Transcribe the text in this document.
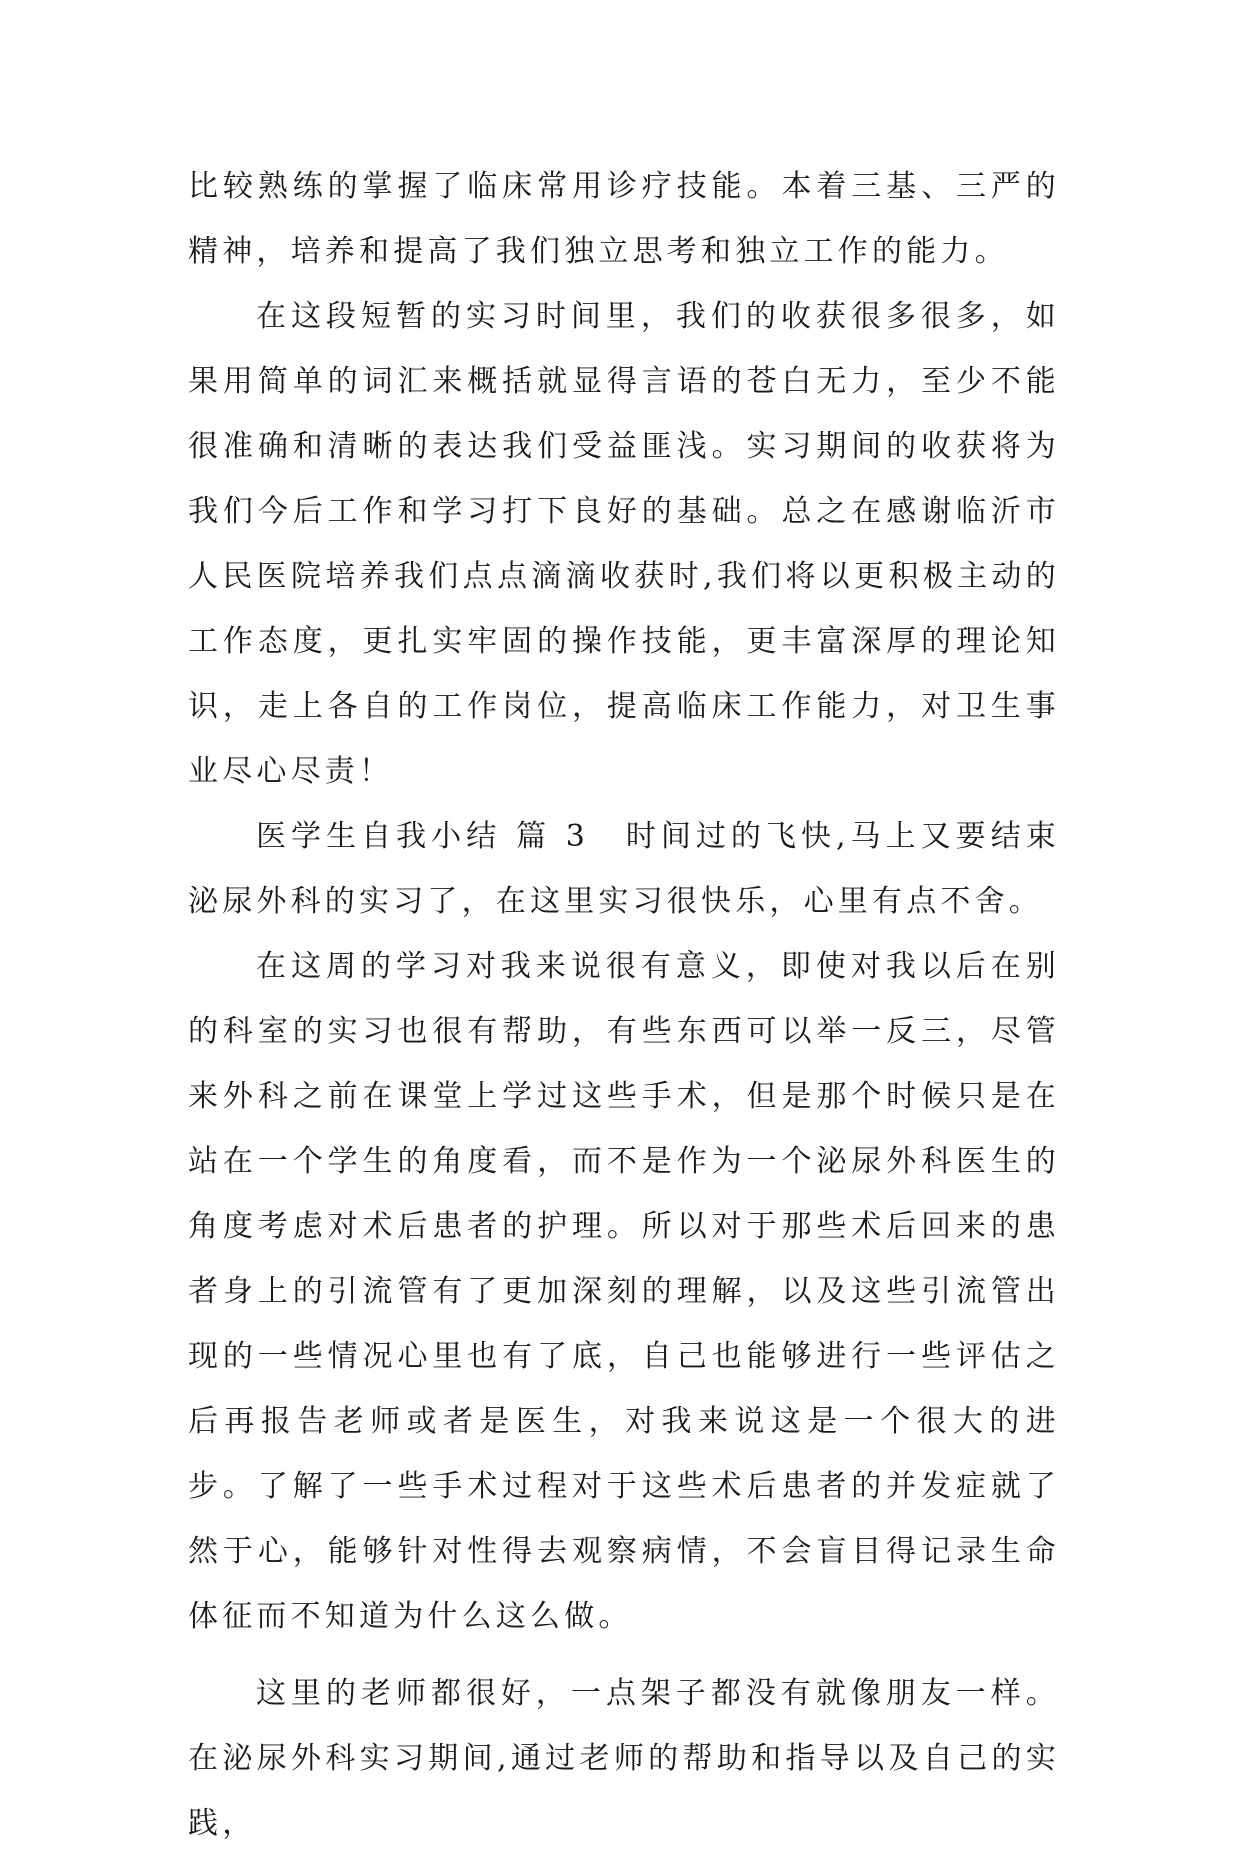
比较熟练的掌握了临床常用诊疗技能。本着三基、三严的精神，培养和提高了我们独立思考和独立工作的能力。

在这段短暂的实习时间里，我们的收获很多很多，如果用简单的词汇来概括就显得言语的苍白无力，至少不能很准确和清晰的表达我们受益匪浅。实习期间的收获将为我们今后工作和学习打下良好的基础。总之在感谢临沂市人民医院培养我们点点滴滴收获时,我们将以更积极主动的工作态度，更扎实牢固的操作技能，更丰富深厚的理论知识，走上各自的工作岗位，提高临床工作能力，对卫生事业尽心尽责！

医学生自我小结 篇 3 时间过的飞快,马上又要结束泌尿外科的实习了，在这里实习很快乐，心里有点不舍。

在这周的学习对我来说很有意义，即使对我以后在别的科室的实习也很有帮助，有些东西可以举一反三，尽管来外科之前在课堂上学过这些手术，但是那个时候只是在站在一个学生的角度看，而不是作为一个泌尿外科医生的角度考虑对术后患者的护理。所以对于那些术后回来的患者身上的引流管有了更加深刻的理解，以及这些引流管出现的一些情况心里也有了底，自己也能够进行一些评估之后再报告老师或者是医生，对我来说这是一个很大的进步。了解了一些手术过程对于这些术后患者的并发症就了然于心，能够针对性得去观察病情，不会盲目得记录生命体征而不知道为什么这么做。

这里的老师都很好，一点架子都没有就像朋友一样。在泌尿外科实习期间,通过老师的帮助和指导以及自己的实践，
